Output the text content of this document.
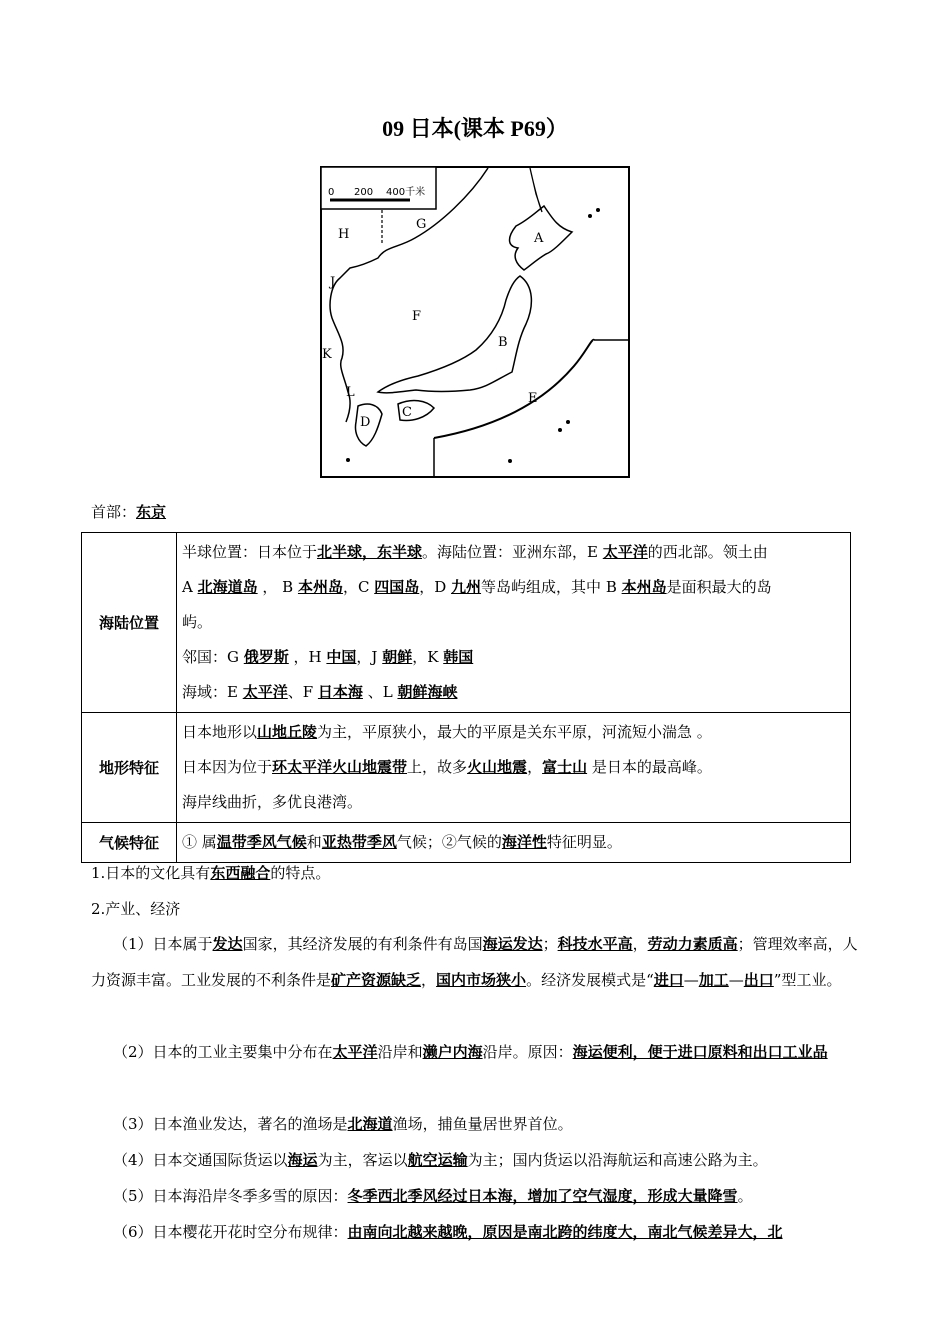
09 日本(课本 P69）
0 200 400千米
G
H	A
J
F
B
K
E
L
C
D
首部：东京
海陆位置	半球位置：日本位于北半球，东半球。海陆位置：亚洲东部，E 太平洋的西北部。领土由
A 北海道岛 ， B 本州岛，C 四国岛，D 九州等岛屿组成，其中 B 本州岛是面积最大的岛
屿。
邻国：G 俄罗斯 ，H 中国，J 朝鲜，K 韩国
海域：E 太平洋、F 日本海 、L 朝鲜海峡

地形特征	日本地形以山地丘陵为主，平原狭小，最大的平原是关东平原，河流短小湍急 。
日本因为位于环太平洋火山地震带上，故多火山地震，富士山 是日本的最高峰。
海岸线曲折，多优良港湾。

气候特征	① 属温带季风气候和亚热带季风气候；②气候的海洋性特征明显。
1.日本的文化具有东西融合的特点。
2.产业、经济
（1）日本属于发达国家，其经济发展的有利条件有岛国海运发达；科技水平高，劳动力素质高；管理效率高，人力资源丰富。工业发展的不利条件是矿产资源缺乏，国内市场狭小。经济发展模式是“进口—加工—出口”型工业。
（2）日本的工业主要集中分布在太平洋沿岸和濑户内海沿岸。原因：海运便利，便于进口原料和出口工业品
（3）日本渔业发达，著名的渔场是北海道渔场，捕鱼量居世界首位。
（4）日本交通国际货运以海运为主，客运以航空运输为主；国内货运以沿海航运和高速公路为主。
（5）日本海沿岸冬季多雪的原因：冬季西北季风经过日本海，增加了空气湿度，形成大量降雪。
（6）日本樱花开花时空分布规律：由南向北越来越晚，原因是南北跨的纬度大，南北气候差异大，北
